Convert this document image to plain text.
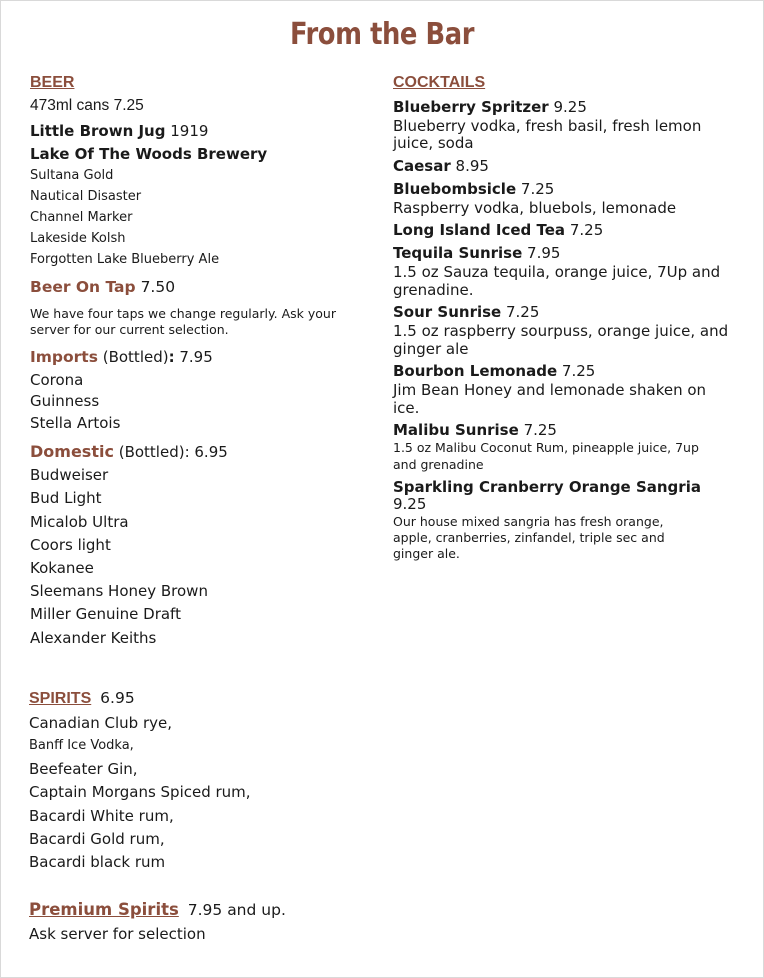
From the Bar
BEER
473ml cans 7.25
Little Brown Jug 1919
Lake Of The Woods Brewery
Sultana Gold
Nautical Disaster
Channel Marker
Lakeside Kolsh
Forgotten Lake Blueberry Ale
Beer On Tap 7.50
We have four taps we change regularly. Ask your
server for our current selection.
Imports (Bottled): 7.95
Corona
Guinness
Stella Artois
Domestic (Bottled): 6.95
Budweiser
Bud Light
Micalob Ultra
Coors light
Kokanee
Sleemans Honey Brown
Miller Genuine Draft
Alexander Keiths
SPIRITS 6.95
Canadian Club rye,
Banff Ice Vodka,
Beefeater Gin,
Captain Morgans Spiced rum,
Bacardi White rum,
Bacardi Gold rum,
Bacardi black rum
Premium Spirits 7.95 and up.
Ask server for selection
COCKTAILS
Blueberry Spritzer 9.25
Blueberry vodka, fresh basil, fresh lemon
juice, soda
Caesar 8.95
Bluebombsicle 7.25
Raspberry vodka, bluebols, lemonade
Long Island Iced Tea 7.25
Tequila Sunrise 7.95
1.5 oz Sauza tequila, orange juice, 7Up and
grenadine.
Sour Sunrise 7.25
1.5 oz raspberry sourpuss, orange juice, and
ginger ale
Bourbon Lemonade 7.25
Jim Bean Honey and lemonade shaken on
ice.
Malibu Sunrise 7.25
1.5 oz Malibu Coconut Rum, pineapple juice, 7up
and grenadine
Sparkling Cranberry Orange Sangria
9.25
Our house mixed sangria has fresh orange,
apple, cranberries, zinfandel, triple sec and
ginger ale.
